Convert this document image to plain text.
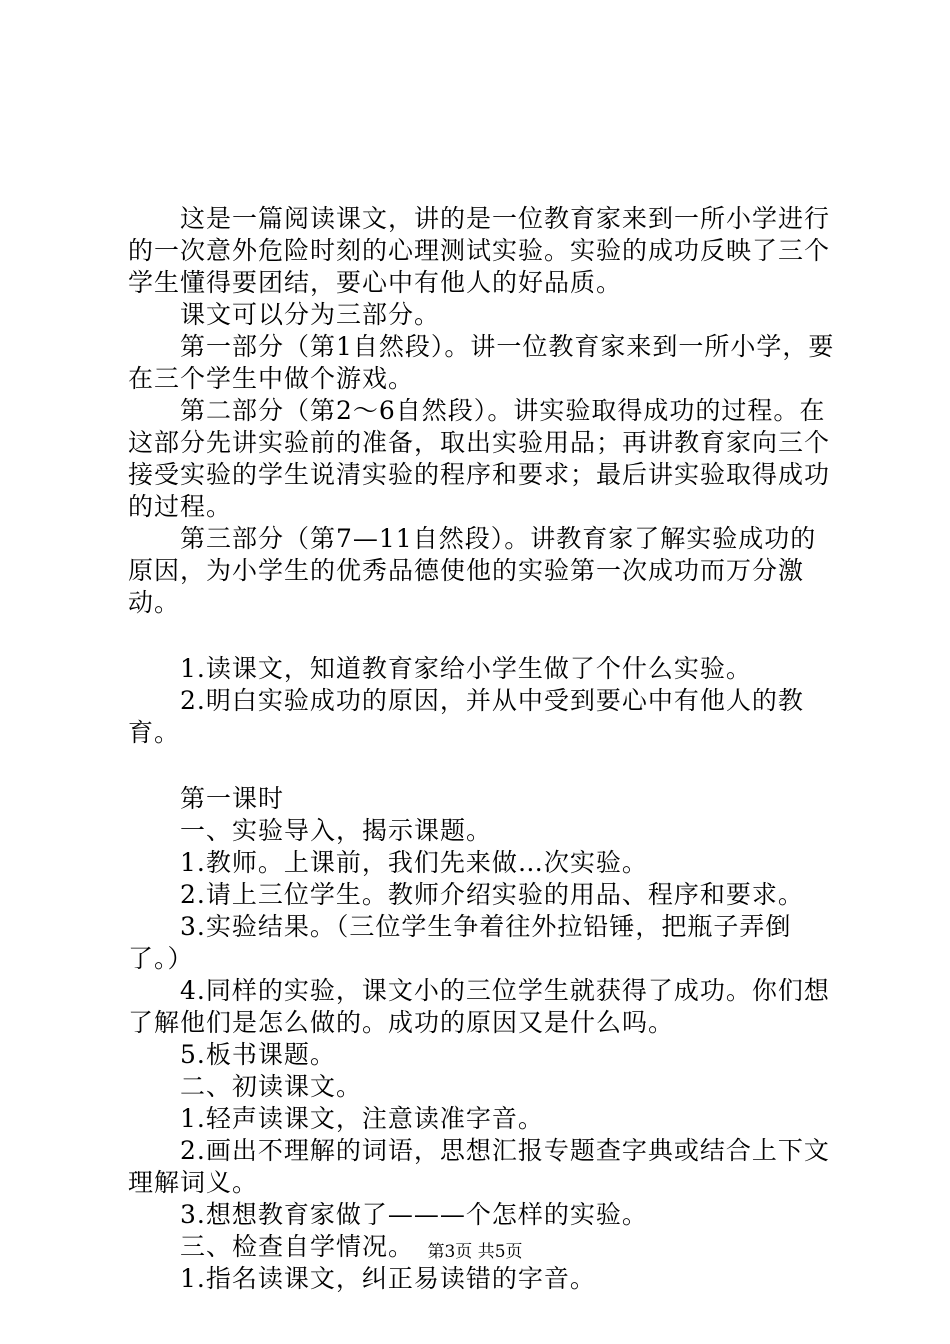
这是一篇阅读课文，讲的是一位教育家来到一所小学进行的一次意外危险时刻的心理测试实验。实验的成功反映了三个学生懂得要团结，要心中有他人的好品质。

课文可以分为三部分。

第一部分（第1自然段）。讲一位教育家来到一所小学，要在三个学生中做个游戏。

第二部分（第2～6自然段）。讲实验取得成功的过程。在这部分先讲实验前的准备，取出实验用品；再讲教育家向三个接受实验的学生说清实验的程序和要求；最后讲实验取得成功的过程。

第三部分（第7—11自然段）。讲教育家了解实验成功的原因，为小学生的优秀品德使他的实验第一次成功而万分激动。

1.读课文，知道教育家给小学生做了个什么实验。

2.明白实验成功的原因，并从中受到要心中有他人的教育。

第一课时

一、实验导入，揭示课题。

1.教师。上课前，我们先来做…次实验。

2.请上三位学生。教师介绍实验的用品、程序和要求。

3.实验结果。（三位学生争着往外拉铅锤，把瓶子弄倒了。）

4.同样的实验，课文小的三位学生就获得了成功。你们想了解他们是怎么做的。成功的原因又是什么吗。

5.板书课题。

二、初读课文。

1.轻声读课文，注意读准字音。

2.画出不理解的词语，思想汇报专题查字典或结合上下文理解词义。

3.想想教育家做了———个怎样的实验。

三、检查自学情况。

1.指名读课文，纠正易读错的字音。

第3页 共5页
